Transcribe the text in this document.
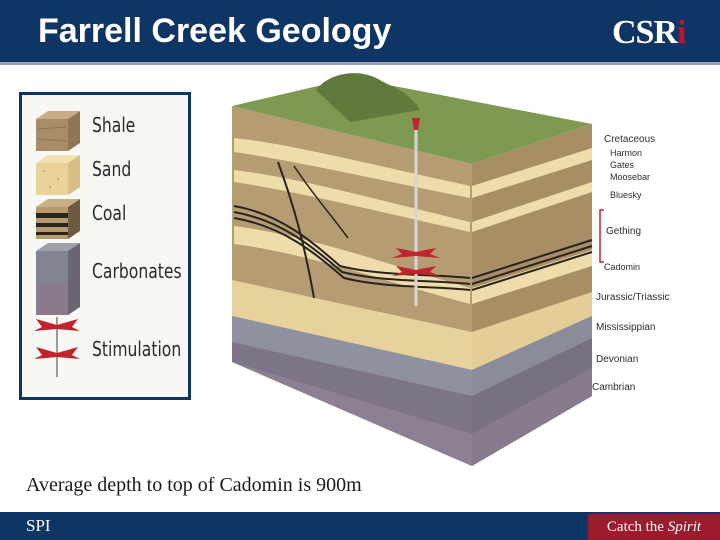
Farrell Creek Geology	CSRi
Shale
Sand
Coal
Carbonates
Stimulation
Cretaceous
Harmon
Gates
Moosebar
Bluesky
Gething
Cadomin
Jurassic/Triassic
Mississippian
Devonian
Cambrian
Average depth to top of Cadomin is 900m
SPI	Catch the Spirit
